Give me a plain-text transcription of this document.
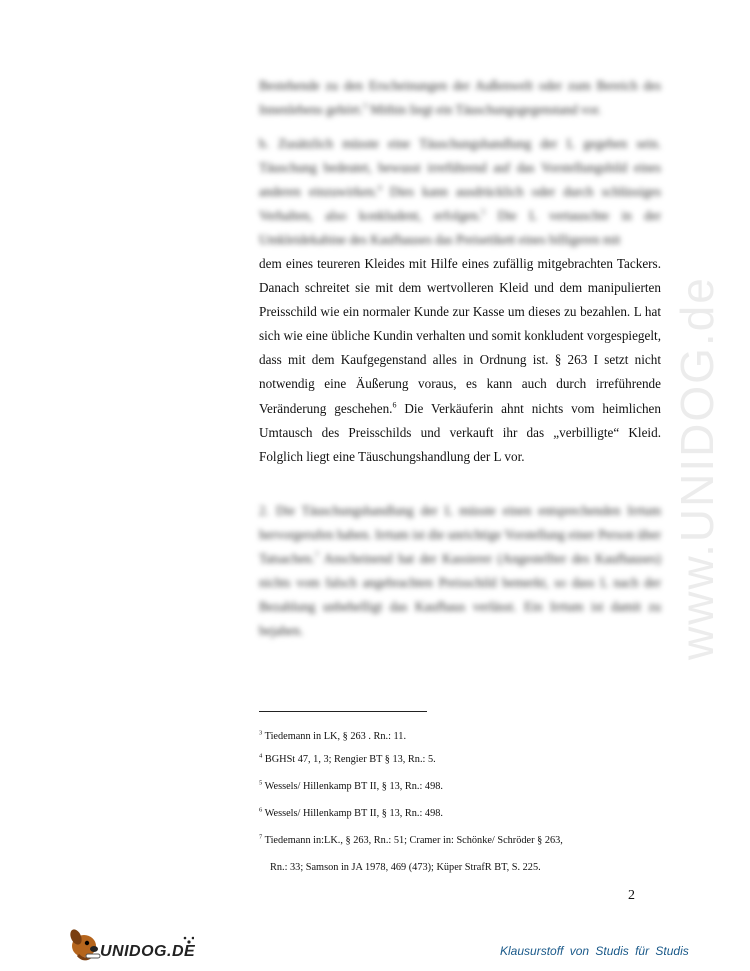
www.UNIDOG.de
Bestehende zu den Erscheinungen der Außenwelt oder zum Bereich des Innenlebens gehört.$^3$ Mithin liegt ein Täuschungsgegenstand vor.
b. Zusätzlich müsste eine Täuschungshandlung der L gegeben sein. Täuschung bedeutet, bewusst irreführend auf das Vorstellungsbild eines anderen einzuwirken.$^4$ Dies kann ausdrücklich oder durch schlüssiges Verhalten, also konkludent, erfolgen.$^5$ Die L vertauschte in der Umkleidekabine des Kaufhauses das Preisetikett eines billigeren mit
dem eines teureren Kleides mit Hilfe eines zufällig mitgebrachten Tackers. Danach schreitet sie mit dem wertvolleren Kleid und dem manipulierten Preisschild wie ein normaler Kunde zur Kasse um dieses zu bezahlen. L hat sich wie eine übliche Kundin verhalten und somit konkludent vorgespiegelt, dass mit dem Kaufgegenstand alles in Ordnung ist. § 263 I setzt nicht notwendig eine Äußerung voraus, es kann auch durch irreführende Veränderung geschehen.$^6$ Die Verkäuferin ahnt nichts vom heimlichen Umtausch des Preisschilds und verkauft ihr das „verbilligte“ Kleid. Folglich liegt eine Täuschungshandlung der L vor.
2. Die Täuschungshandlung der L müsste einen entsprechenden Irrtum hervorgerufen haben. Irrtum ist die unrichtige Vorstellung einer Person über Tatsachen.$^7$ Anscheinend hat der Kassierer (Angestellter des Kaufhauses) nichts vom falsch angebrachten Preisschild bemerkt, so dass L nach der Bezahlung unbehelligt das Kaufhaus verlässt. Ein Irrtum ist damit zu bejahen.
$^3$ Tiedemann in LK, § 263 . Rn.: 11.
$^4$ BGHSt 47, 1, 3; Rengier BT § 13, Rn.: 5.
$^5$ Wessels/ Hillenkamp BT II, § 13, Rn.: 498.
$^6$ Wessels/ Hillenkamp BT II, § 13, Rn.: 498.
$^7$ Tiedemann in:LK., § 263, Rn.: 51; Cramer in: Schönke/ Schröder § 263,
Rn.: 33; Samson in JA 1978, 469 (473); Küper StrafR BT, S. 225.
2
UNIDOG.DE	Klausurstoff von Studis für Studis
